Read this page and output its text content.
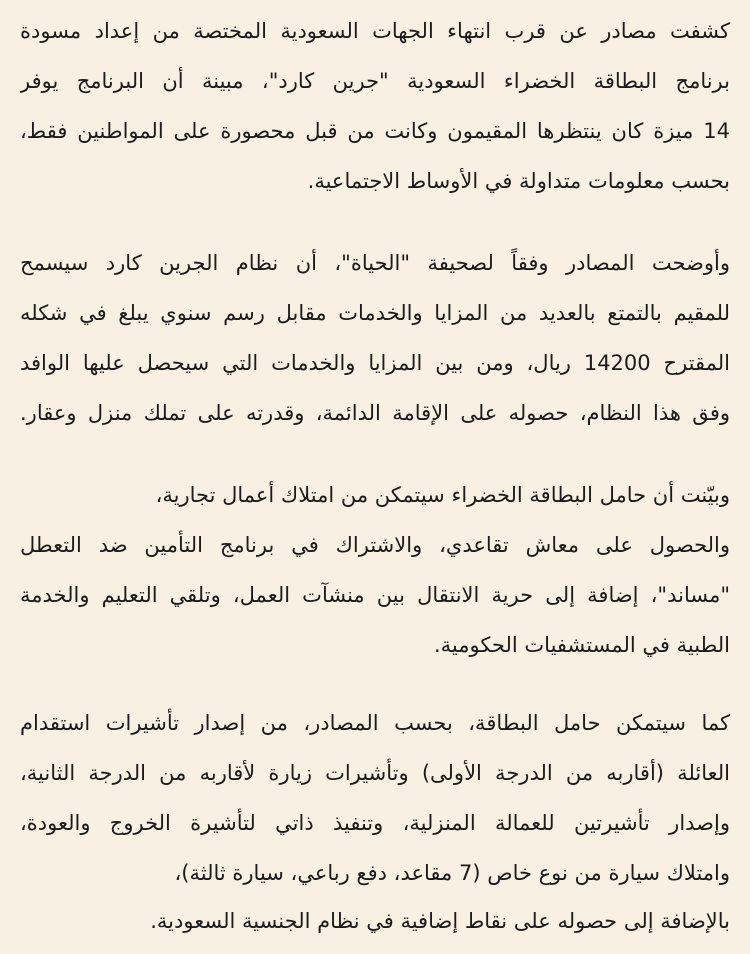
كشفت مصادر عن قرب انتهاء الجهات السعودية المختصة من إعداد مسودة
برنامج البطاقة الخضراء السعودية "جرين كارد"، مبينة أن البرنامج يوفر
14 ميزة كان ينتظرها المقيمون وكانت من قبل محصورة على المواطنين فقط،
بحسب معلومات متداولة في الأوساط الاجتماعية.
وأوضحت المصادر وفقاً لصحيفة "الحياة"، أن نظام الجرين كارد سيسمح
للمقيم بالتمتع بالعديد من المزايا والخدمات مقابل رسم سنوي يبلغ في شكله
المقترح 14200 ريال، ومن بين المزايا والخدمات التي سيحصل عليها الوافد
وفق هذا النظام، حصوله على الإقامة الدائمة، وقدرته على تملك منزل وعقار.
وبيّنت أن حامل البطاقة الخضراء سيتمكن من امتلاك أعمال تجارية،
والحصول على معاش تقاعدي، والاشتراك في برنامج التأمين ضد التعطل
"مساند"، إضافة إلى حرية الانتقال بين منشآت العمل، وتلقي التعليم والخدمة
الطبية في المستشفيات الحكومية.
كما سيتمكن حامل البطاقة، بحسب المصادر، من إصدار تأشيرات استقدام
العائلة (أقاربه من الدرجة الأولى) وتأشيرات زيارة لأقاربه من الدرجة الثانية،
وإصدار تأشيرتين للعمالة المنزلية، وتنفيذ ذاتي لتأشيرة الخروج والعودة،
وامتلاك سيارة من نوع خاص (7 مقاعد، دفع رباعي، سيارة ثالثة)،
بالإضافة إلى حصوله على نقاط إضافية في نظام الجنسية السعودية.
